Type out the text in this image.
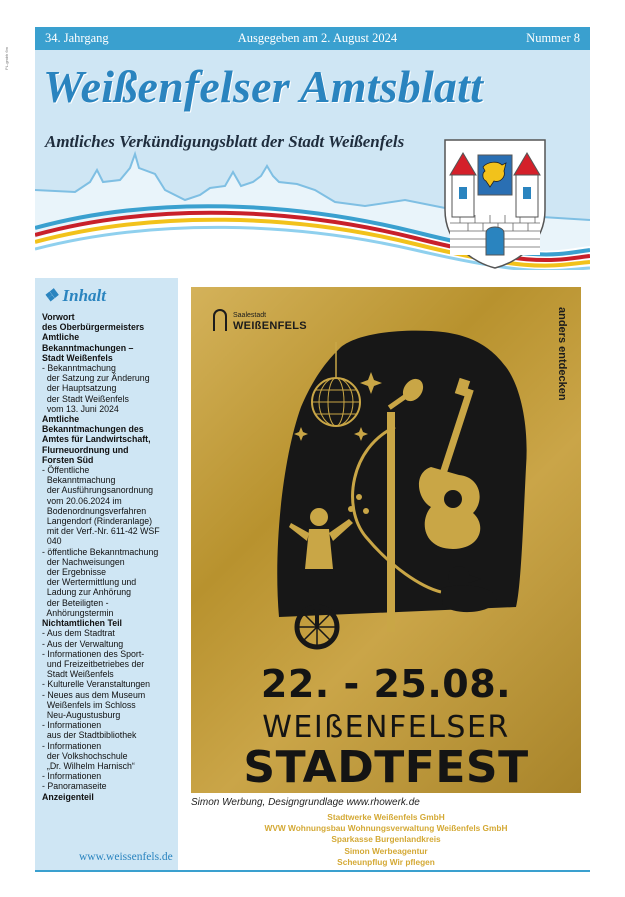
PL-gmbh 6m
34. Jahrgang	Ausgegeben am 2. August 2024	Nummer 8
Weißenfelser Amtsblatt
Amtliches Verkündigungsblatt der Stadt Weißenfels
❖ Inhalt
Vorwort
des Oberbürgermeisters
Amtliche
Bekanntmachungen –
Stadt Weißenfels
- Bekanntmachung
der Satzung zur Änderung
der Hauptsatzung
der Stadt Weißenfels
vom 13. Juni 2024
Amtliche
Bekanntmachungen des
Amtes für Landwirtschaft,
Flurneuordnung und
Forsten Süd
- Öffentliche
Bekanntmachung
der Ausführungsanordnung
vom 20.06.2024 im
Bodenordnungsverfahren
Langendorf (Rinderanlage)
mit der Verf.-Nr. 611-42 WSF
040
- öffentliche Bekanntmachung
der Nachweisungen
der Ergebnisse
der Wertermittlung und
Ladung zur Anhörung
der Beteiligten -
Anhörungstermin
Nichtamtlichen Teil
- Aus dem Stadtrat
- Aus der Verwaltung
- Informationen des Sport-
und Freizeitbetriebes der
Stadt Weißenfels
- Kulturelle Veranstaltungen
- Neues aus dem Museum
Weißenfels im Schloss
Neu-Augustusburg
- Informationen
aus der Stadtbibliothek
- Informationen
der Volkshochschule
„Dr. Wilhelm Harnisch“
- Informationen
- Panoramaseite
Anzeigenteil
www.weissenfels.de
Saalestadt
WEIßENFELS	anders entdecken
22. - 25.08.
WEIßENFELSER
STADTFEST
Simon Werbung, Designgrundlage www.rhowerk.de
Stadtwerke Weißenfels GmbH
WVW Wohnungsbau Wohnungsverwaltung Weißenfels GmbH
Sparkasse Burgenlandkreis
Simon Werbeagentur
Scheunpflug Wir pflegen
